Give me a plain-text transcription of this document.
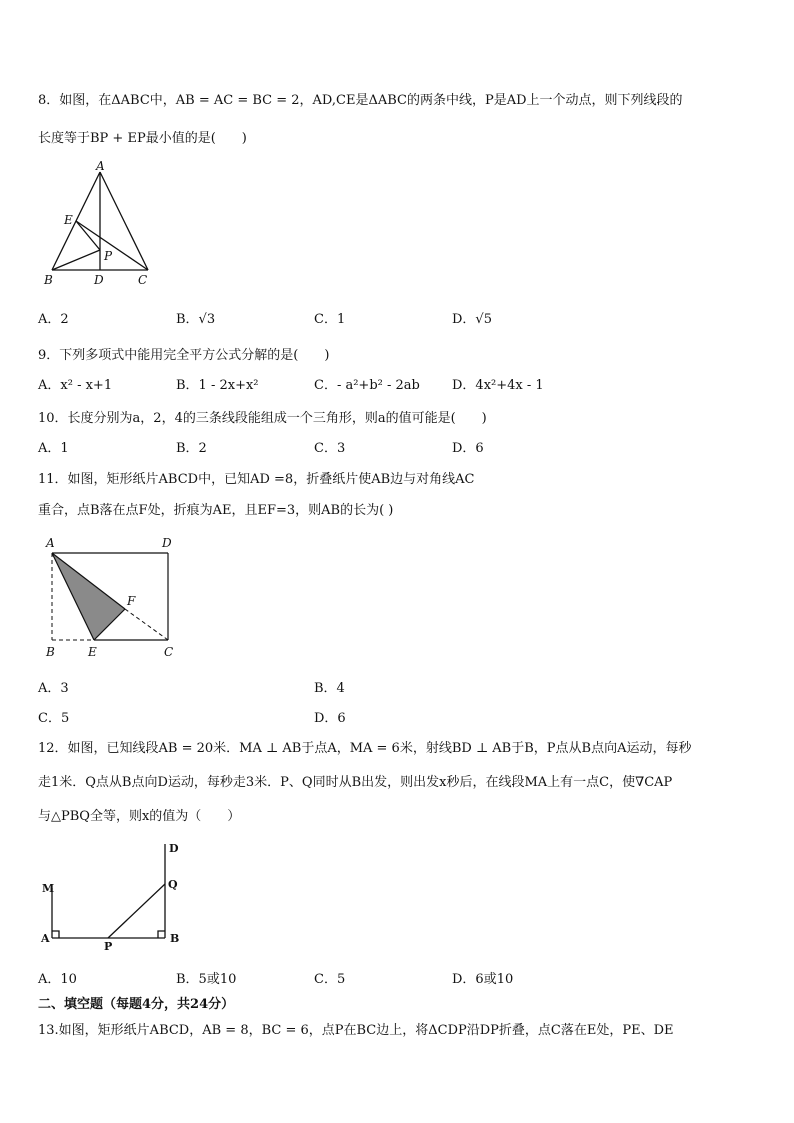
8．如图，在ΔABC中，AB = AC = BC = 2，AD,CE是ΔABC的两条中线，P是AD上一个动点，则下列线段的
长度等于BP + EP最小值的是(　　)
A
B	C
D
E
P
A．2	B．√3	C．1	D．√5
9．下列多项式中能用完全平方公式分解的是(　　)
A．x² - x+1	B．1 - 2x+x²	C．- a²+b² - 2ab D．4x²+4x - 1
10．长度分别为a，2，4的三条线段能组成一个三角形，则a的值可能是(　　)
A．1	B．2	C．3	D．6
11．如图，矩形纸片ABCD中，已知AD =8，折叠纸片使AB边与对角线AC
重合，点B落在点F处，折痕为AE，且EF=3，则AB的长为( )
A	D
B	E	C
F
A．3	B．4
C．5	D．6
12．如图，已知线段AB = 20米．MA ⊥ AB于点A，MA = 6米，射线BD ⊥ AB于B，P点从B点向A运动，每秒
走1米．Q点从B点向D运动，每秒走3米．P、Q同时从B出发，则出发x秒后，在线段MA上有一点C，使∇CAP
与△PBQ全等，则x的值为（　　）
M
A
P
B
Q
D
A．10	B．5或10	C．5	D．6或10
二、填空题（每题4分，共24分）
13.如图，矩形纸片ABCD，AB = 8，BC = 6，点P在BC边上，将ΔCDP沿DP折叠，点C落在E处，PE、DE
